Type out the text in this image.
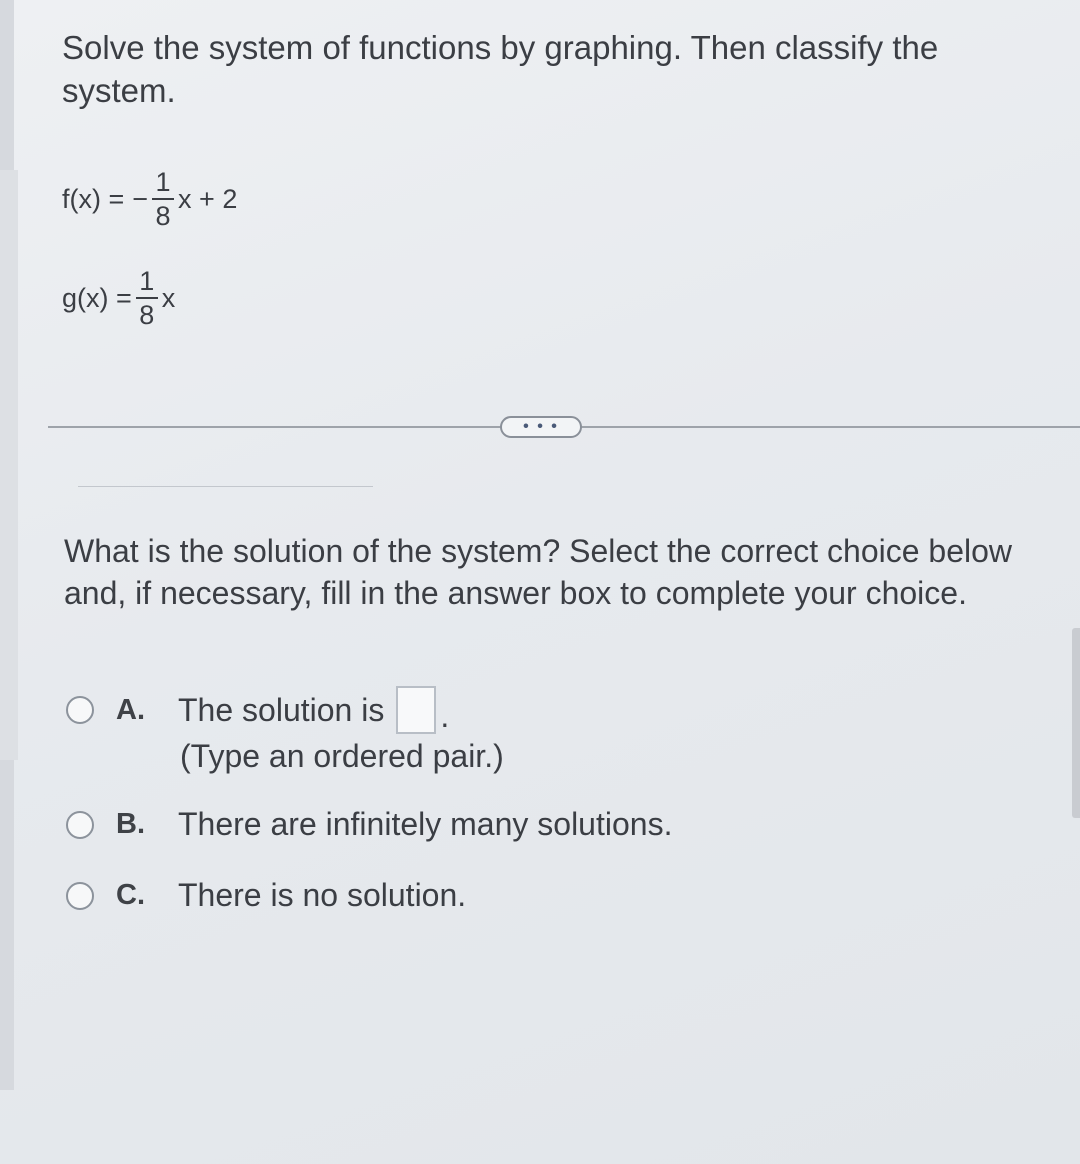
Solve the system of functions by graphing. Then classify the system.
f(x) = − $\frac{1}{8}$ x + 2
$g(x) = \frac{1}{8}$ x
• • •
What is the solution of the system? Select the correct choice below and, if necessary, fill in the answer box to complete your choice.
A.	The solution is .
(Type an ordered pair.)
B.	There are infinitely many solutions.
C.	There is no solution.
